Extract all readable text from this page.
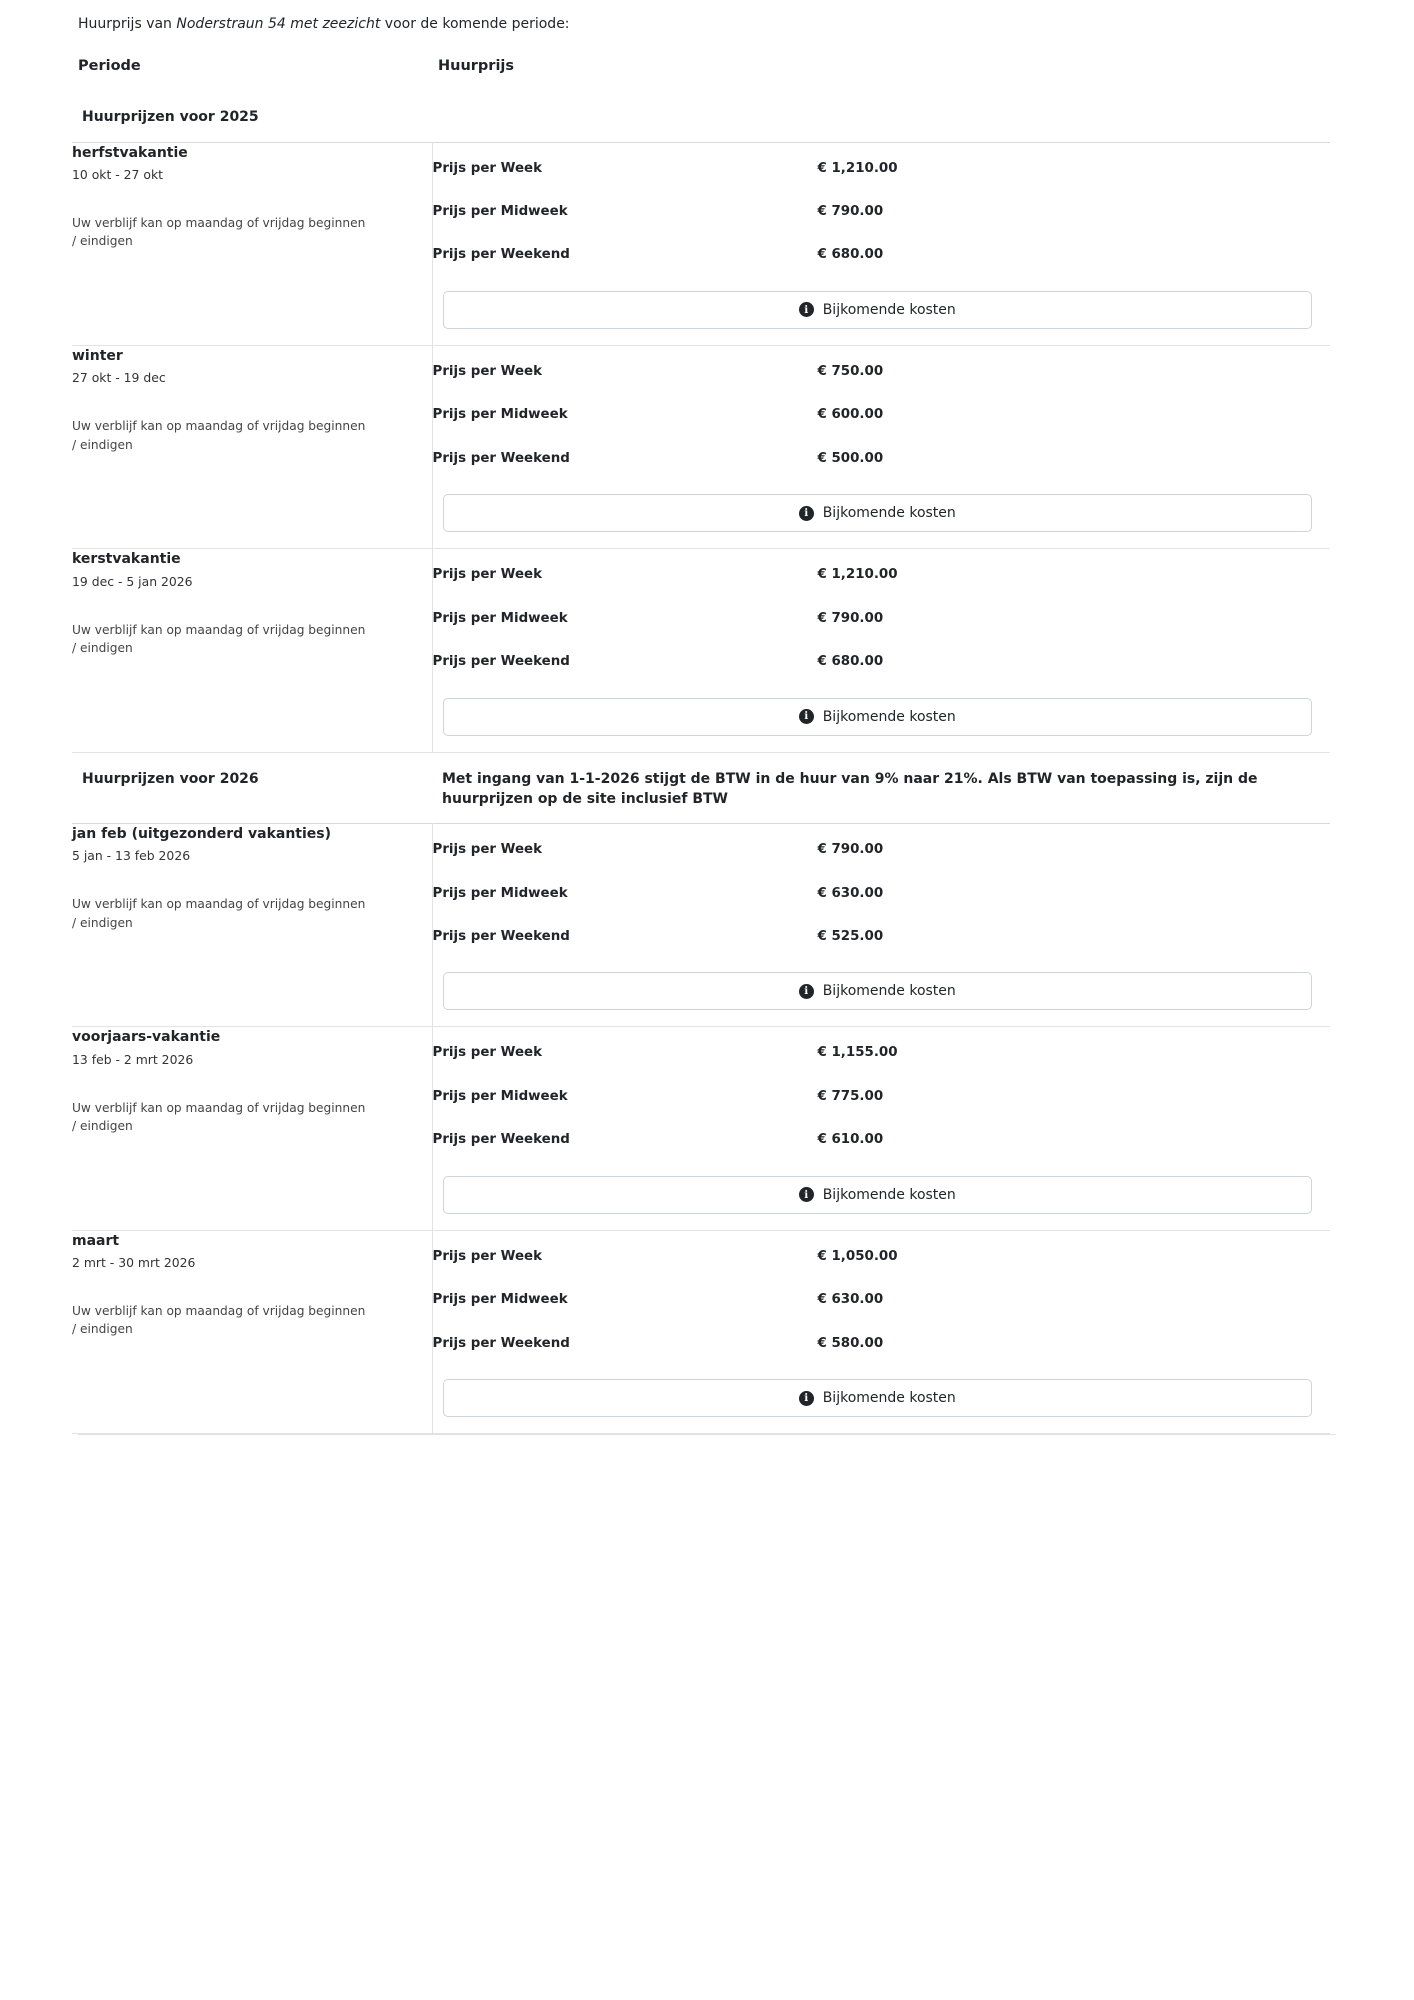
Huurprijs van Noderstraun 54 met zeezicht voor de komende periode:

Periode	Huurprijs
Huurprijzen voor 2025	

herfstvakantie
10 okt - 27 okt
Uw verblijf kan op maandag of vrijdag beginnen / eindigen

Prijs per Week	€ 1,210.00
Prijs per Midweek	€ 790.00
Prijs per Weekend	€ 680.00

i	Bijkomende kosten

winter
27 okt - 19 dec
Uw verblijf kan op maandag of vrijdag beginnen / eindigen

Prijs per Week	€ 750.00
Prijs per Midweek	€ 600.00
Prijs per Weekend	€ 500.00

i	Bijkomende kosten

kerstvakantie
19 dec - 5 jan 2026
Uw verblijf kan op maandag of vrijdag beginnen / eindigen

Prijs per Week	€ 1,210.00
Prijs per Midweek	€ 790.00
Prijs per Weekend	€ 680.00

i	Bijkomende kosten

Huurprijzen voor 2026	Met ingang van 1-1-2026 stijgt de BTW in de huur van 9% naar 21%. Als BTW van toepassing is, zijn de huurprijzen op de site inclusief BTW

jan feb (uitgezonderd vakanties)
5 jan - 13 feb 2026
Uw verblijf kan op maandag of vrijdag beginnen / eindigen

Prijs per Week	€ 790.00
Prijs per Midweek	€ 630.00
Prijs per Weekend	€ 525.00

i	Bijkomende kosten

voorjaars-vakantie
13 feb - 2 mrt 2026
Uw verblijf kan op maandag of vrijdag beginnen / eindigen

Prijs per Week	€ 1,155.00
Prijs per Midweek	€ 775.00
Prijs per Weekend	€ 610.00

i	Bijkomende kosten

maart
2 mrt - 30 mrt 2026
Uw verblijf kan op maandag of vrijdag beginnen / eindigen

Prijs per Week	€ 1,050.00
Prijs per Midweek	€ 630.00
Prijs per Weekend	€ 580.00

i	Bijkomende kosten
